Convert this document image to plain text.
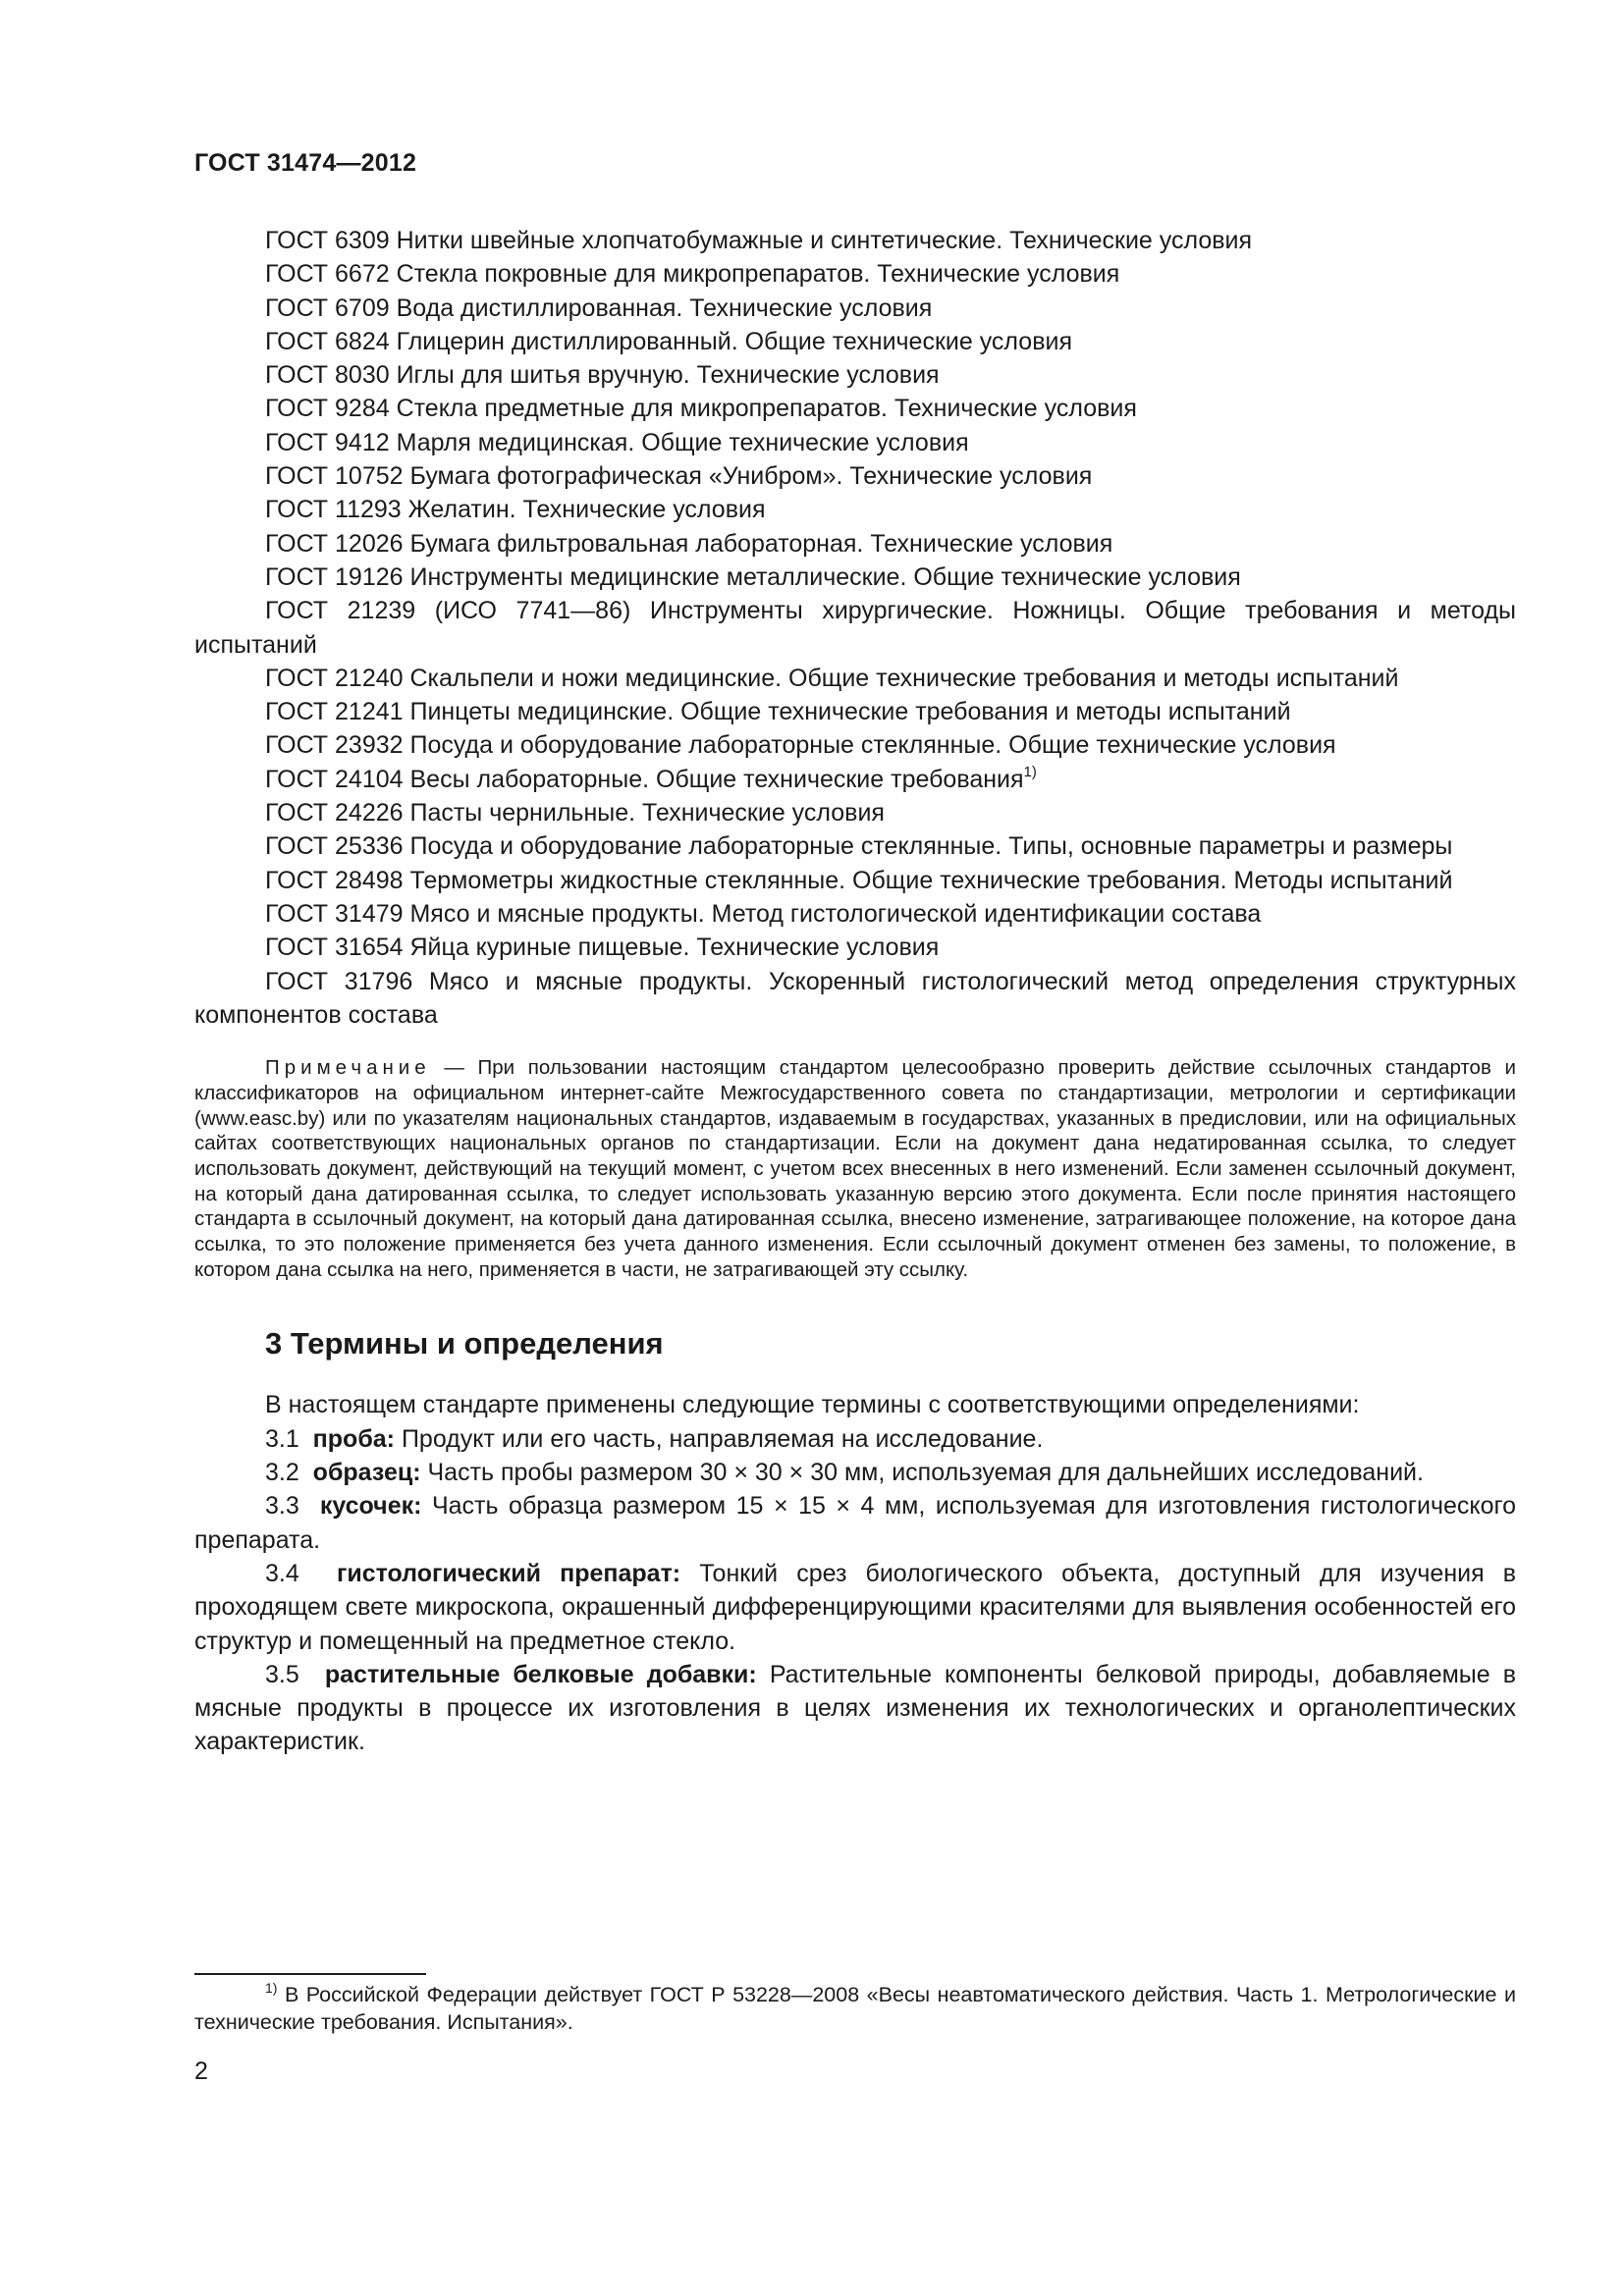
ГОСТ 31474—2012

ГОСТ 6309 Нитки швейные хлопчатобумажные и синтетические. Технические условия

ГОСТ 6672 Стекла покровные для микропрепаратов. Технические условия

ГОСТ 6709 Вода дистиллированная. Технические условия

ГОСТ 6824 Глицерин дистиллированный. Общие технические условия

ГОСТ 8030 Иглы для шитья вручную. Технические условия

ГОСТ 9284 Стекла предметные для микропрепаратов. Технические условия

ГОСТ 9412 Марля медицинская. Общие технические условия

ГОСТ 10752 Бумага фотографическая «Унибром». Технические условия

ГОСТ 11293 Желатин. Технические условия

ГОСТ 12026 Бумага фильтровальная лабораторная. Технические условия

ГОСТ 19126 Инструменты медицинские металлические. Общие технические условия

ГОСТ 21239 (ИСО 7741—86) Инструменты хирургические. Ножницы. Общие требования и методы испытаний

ГОСТ 21240 Скальпели и ножи медицинские. Общие технические требования и методы испытаний

ГОСТ 21241 Пинцеты медицинские. Общие технические требования и методы испытаний

ГОСТ 23932 Посуда и оборудование лабораторные стеклянные. Общие технические условия

ГОСТ 24104 Весы лабораторные. Общие технические требования$^{1)}$

ГОСТ 24226 Пасты чернильные. Технические условия

ГОСТ 25336 Посуда и оборудование лабораторные стеклянные. Типы, основные параметры и размеры

ГОСТ 28498 Термометры жидкостные стеклянные. Общие технические требования. Методы испытаний

ГОСТ 31479 Мясо и мясные продукты. Метод гистологической идентификации состава

ГОСТ 31654 Яйца куриные пищевые. Технические условия

ГОСТ 31796 Мясо и мясные продукты. Ускоренный гистологический метод определения структурных компонентов состава

Примечание — При пользовании настоящим стандартом целесообразно проверить действие ссылочных стандартов и классификаторов на официальном интернет-сайте Межгосударственного совета по стандартизации, метрологии и сертификации (www.easc.by) или по указателям национальных стандартов, издаваемым в государствах, указанных в предисловии, или на официальных сайтах соответствующих национальных органов по стандартизации. Если на документ дана недатированная ссылка, то следует использовать документ, действующий на текущий момент, с учетом всех внесенных в него изменений. Если заменен ссылочный документ, на который дана датированная ссылка, то следует использовать указанную версию этого документа. Если после принятия настоящего стандарта в ссылочный документ, на который дана датированная ссылка, внесено изменение, затрагивающее положение, на которое дана ссылка, то это положение применяется без учета данного изменения. Если ссылочный документ отменен без замены, то положение, в котором дана ссылка на него, применяется в части, не затрагивающей эту ссылку.

3 Термины и определения

В настоящем стандарте применены следующие термины с соответствующими определениями:

3.1 проба: Продукт или его часть, направляемая на исследование.

3.2 образец: Часть пробы размером 30 × 30 × 30 мм, используемая для дальнейших исследований.

3.3 кусочек: Часть образца размером 15 × 15 × 4 мм, используемая для изготовления гистологического препарата.

3.4 гистологический препарат: Тонкий срез биологического объекта, доступный для изучения в проходящем свете микроскопа, окрашенный дифференцирующими красителями для выявления особенностей его структур и помещенный на предметное стекло.

3.5 растительные белковые добавки: Растительные компоненты белковой природы, добавляемые в мясные продукты в процессе их изготовления в целях изменения их технологических и органолептических характеристик.

$^{1)}$ В Российской Федерации действует ГОСТ Р 53228—2008 «Весы неавтоматического действия. Часть 1. Метрологические и технические требования. Испытания».

2
